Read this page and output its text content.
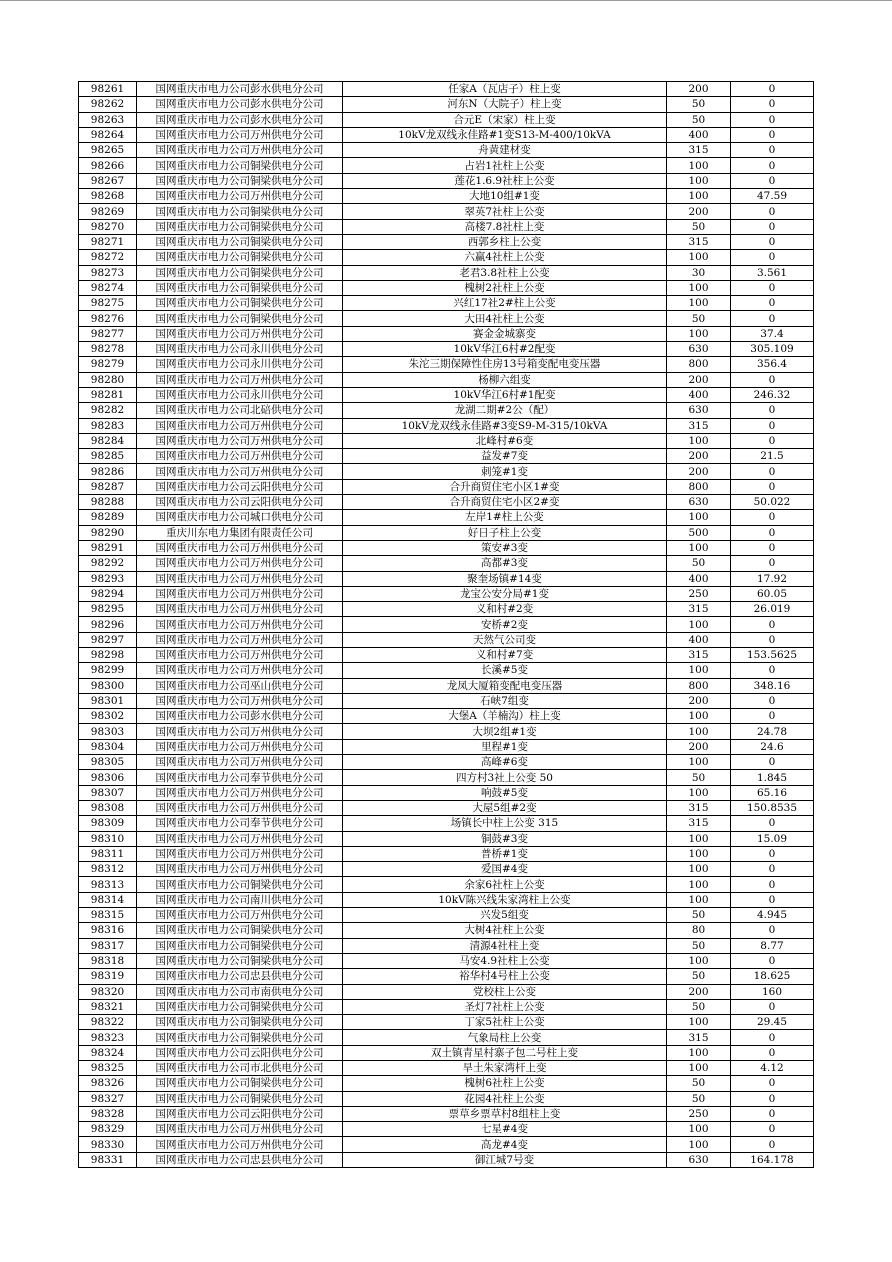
98261	国网重庆市电力公司彭水供电分公司	任家A（瓦店子）柱上变	200	0
98262	国网重庆市电力公司彭水供电分公司	河东N（大院子）柱上变	50	0
98263	国网重庆市电力公司彭水供电分公司	合元E（宋家）柱上变	50	0
98264	国网重庆市电力公司万州供电分公司	10kV龙双线永佳路#1变S13-M-400/10kVA	400	0
98265	国网重庆市电力公司万州供电分公司	舟黄建材变	315	0
98266	国网重庆市电力公司铜梁供电分公司	占岩1社柱上公变	100	0
98267	国网重庆市电力公司铜梁供电分公司	莲花1.6.9社柱上公变	100	0
98268	国网重庆市电力公司万州供电分公司	大地10组#1变	100	47.59
98269	国网重庆市电力公司铜梁供电分公司	翠英7社柱上公变	200	0
98270	国网重庆市电力公司铜梁供电分公司	高楼7.8社柱上变	50	0
98271	国网重庆市电力公司铜梁供电分公司	西郭乡柱上公变	315	0
98272	国网重庆市电力公司铜梁供电分公司	六赢4社柱上公变	100	0
98273	国网重庆市电力公司铜梁供电分公司	老君3.8社柱上公变	30	3.561
98274	国网重庆市电力公司铜梁供电分公司	槐树2社柱上公变	100	0
98275	国网重庆市电力公司铜梁供电分公司	兴红17社2#柱上公变	100	0
98276	国网重庆市电力公司铜梁供电分公司	大田4社柱上公变	50	0
98277	国网重庆市电力公司万州供电分公司	赛金金城寨变	100	37.4
98278	国网重庆市电力公司永川供电分公司	10kV华江6村#2配变	630	305.109
98279	国网重庆市电力公司永川供电分公司	朱沱三期保障性住房13号箱变配电变压器	800	356.4
98280	国网重庆市电力公司万州供电分公司	杨柳六组变	200	0
98281	国网重庆市电力公司永川供电分公司	10kV华江6村#1配变	400	246.32
98282	国网重庆市电力公司北碚供电分公司	龙湖二期#2公（配）	630	0
98283	国网重庆市电力公司万州供电分公司	10kV龙双线永佳路#3变S9-M-315/10kVA	315	0
98284	国网重庆市电力公司万州供电分公司	北峰村#6变	100	0
98285	国网重庆市电力公司万州供电分公司	益发#7变	200	21.5
98286	国网重庆市电力公司万州供电分公司	刺笼#1变	200	0
98287	国网重庆市电力公司云阳供电分公司	合升商贸住宅小区1#变	800	0
98288	国网重庆市电力公司云阳供电分公司	合升商贸住宅小区2#变	630	50.022
98289	国网重庆市电力公司城口供电分公司	左岸1#柱上公变	100	0
98290	重庆川东电力集团有限责任公司	好日子柱上公变	500	0
98291	国网重庆市电力公司万州供电分公司	策安#3变	100	0
98292	国网重庆市电力公司万州供电分公司	高都#3变	50	0
98293	国网重庆市电力公司万州供电分公司	聚奎场镇#14变	400	17.92
98294	国网重庆市电力公司万州供电分公司	龙宝公安分局#1变	250	60.05
98295	国网重庆市电力公司万州供电分公司	义和村#2变	315	26.019
98296	国网重庆市电力公司万州供电分公司	安桥#2变	100	0
98297	国网重庆市电力公司万州供电分公司	天然气公司变	400	0
98298	国网重庆市电力公司万州供电分公司	义和村#7变	315	153.5625
98299	国网重庆市电力公司万州供电分公司	长溪#5变	100	0
98300	国网重庆市电力公司巫山供电分公司	龙凤大厦箱变配电变压器	800	348.16
98301	国网重庆市电力公司万州供电分公司	石峡7组变	200	0
98302	国网重庆市电力公司彭水供电分公司	大堡A（羊楠沟）柱上变	100	0
98303	国网重庆市电力公司万州供电分公司	大坝2组#1变	100	24.78
98304	国网重庆市电力公司万州供电分公司	里程#1变	200	24.6
98305	国网重庆市电力公司万州供电分公司	高峰#6变	100	0
98306	国网重庆市电力公司奉节供电分公司	四方村3社上公变 50	50	1.845
98307	国网重庆市电力公司万州供电分公司	响鼓#5变	100	65.16
98308	国网重庆市电力公司万州供电分公司	大屋5组#2变	315	150.8535
98309	国网重庆市电力公司奉节供电分公司	场镇长中柱上公变 315	315	0
98310	国网重庆市电力公司万州供电分公司	铜鼓#3变	100	15.09
98311	国网重庆市电力公司万州供电分公司	普桥#1变	100	0
98312	国网重庆市电力公司万州供电分公司	爱国#4变	100	0
98313	国网重庆市电力公司铜梁供电分公司	余家6社柱上公变	100	0
98314	国网重庆市电力公司南川供电分公司	10kV陈兴线朱家湾柱上公变	100	0
98315	国网重庆市电力公司万州供电分公司	兴发5组变	50	4.945
98316	国网重庆市电力公司铜梁供电分公司	大树4社柱上公变	80	0
98317	国网重庆市电力公司铜梁供电分公司	清源4社柱上变	50	8.77
98318	国网重庆市电力公司铜梁供电分公司	马安4.9社柱上公变	100	0
98319	国网重庆市电力公司忠县供电分公司	裕华村4号柱上公变	50	18.625
98320	国网重庆市电力公司市南供电分公司	党校柱上公变	200	160
98321	国网重庆市电力公司铜梁供电分公司	圣灯7社柱上公变	50	0
98322	国网重庆市电力公司铜梁供电分公司	丁家5社柱上公变	100	29.45
98323	国网重庆市电力公司铜梁供电分公司	气象局柱上公变	315	0
98324	国网重庆市电力公司云阳供电分公司	双土镇青星村寨子包二号柱上变	100	0
98325	国网重庆市电力公司市北供电分公司	旱土朱家湾杆上变	100	4.12
98326	国网重庆市电力公司铜梁供电分公司	槐树6社柱上公变	50	0
98327	国网重庆市电力公司铜梁供电分公司	花园4社柱上公变	50	0
98328	国网重庆市电力公司云阳供电分公司	票草乡票草村8组柱上变	250	0
98329	国网重庆市电力公司万州供电分公司	七星#4变	100	0
98330	国网重庆市电力公司万州供电分公司	高龙#4变	100	0
98331	国网重庆市电力公司忠县供电分公司	御江城7号变	630	164.178
